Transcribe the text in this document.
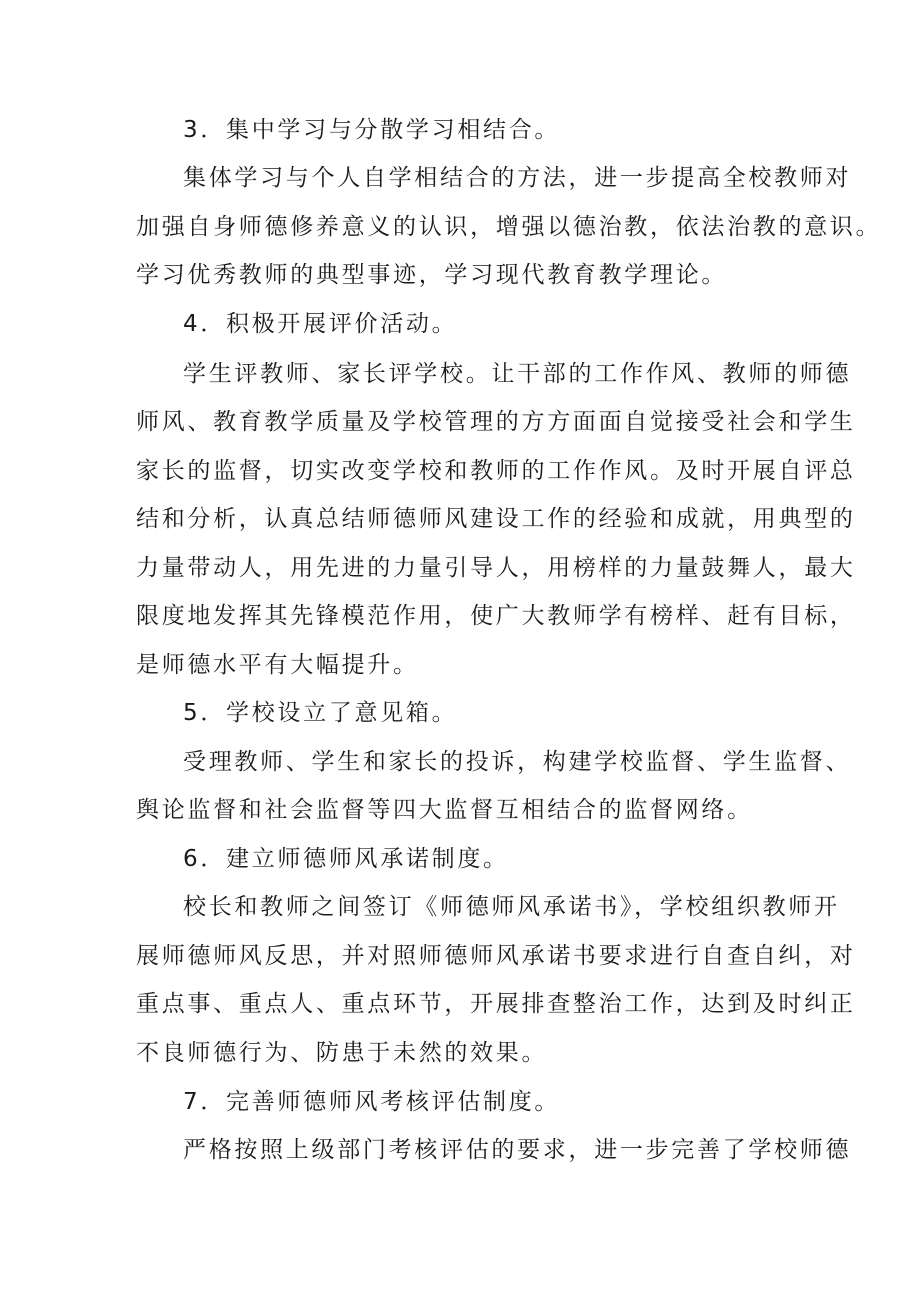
3．集中学习与分散学习相结合。

集体学习与个人自学相结合的方法，进一步提高全校教师对

加强自身师德修养意义的认识，增强以德治教，依法治教的意识。

学习优秀教师的典型事迹，学习现代教育教学理论。

4．积极开展评价活动。

学生评教师、家长评学校。让干部的工作作风、教师的师德

师风、教育教学质量及学校管理的方方面面自觉接受社会和学生

家长的监督，切实改变学校和教师的工作作风。及时开展自评总

结和分析，认真总结师德师风建设工作的经验和成就，用典型的

力量带动人，用先进的力量引导人，用榜样的力量鼓舞人，最大

限度地发挥其先锋模范作用，使广大教师学有榜样、赶有目标，

是师德水平有大幅提升。

5．学校设立了意见箱。

受理教师、学生和家长的投诉，构建学校监督、学生监督、

舆论监督和社会监督等四大监督互相结合的监督网络。

6．建立师德师风承诺制度。

校长和教师之间签订《师德师风承诺书》，学校组织教师开

展师德师风反思，并对照师德师风承诺书要求进行自查自纠，对

重点事、重点人、重点环节，开展排查整治工作，达到及时纠正

不良师德行为、防患于未然的效果。

7．完善师德师风考核评估制度。

严格按照上级部门考核评估的要求，进一步完善了学校师德
